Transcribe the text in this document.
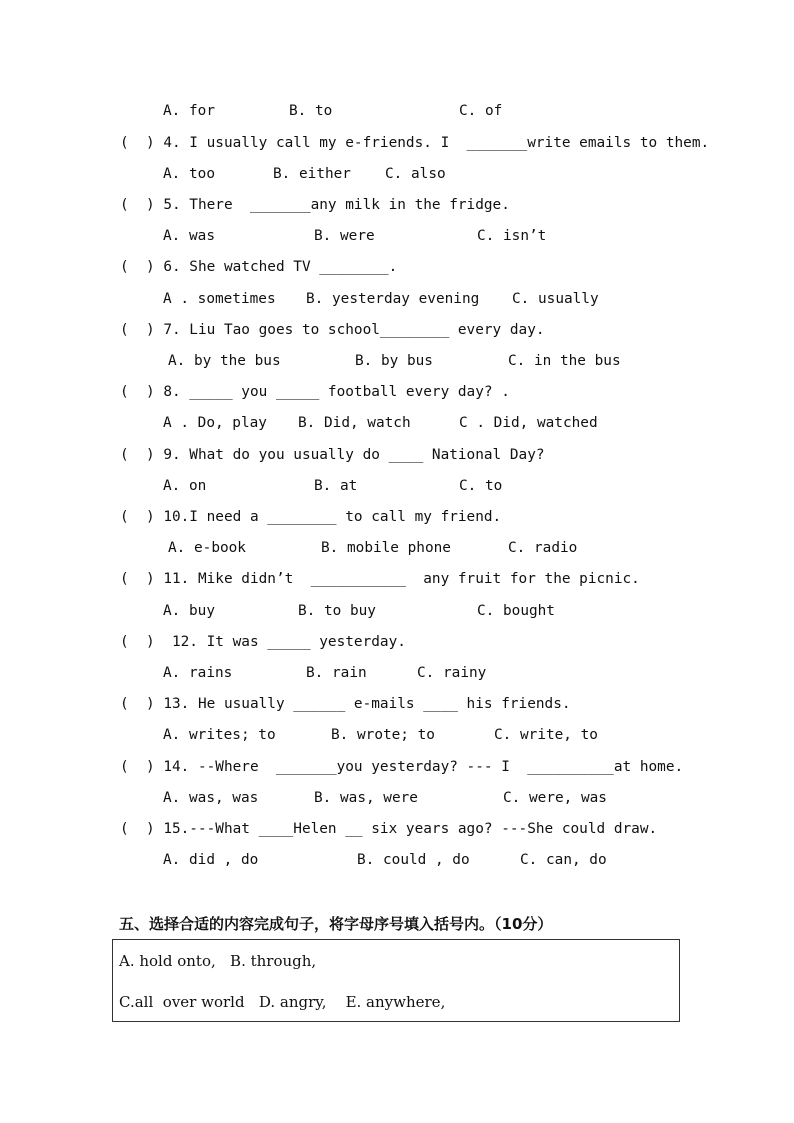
A. for

	B. to

	C. of

(  ) 4. I usually call my e-friends. I  _______write emails to them.

A. too

	B. either

C. also

(  ) 5. There  _______any milk in the fridge.

A. was

	B. were

	C. isn’t

(  ) 6. She watched TV ________.

A . sometimes

B. yesterday evening

C. usually

(  ) 7. Liu Tao goes to school________ every day.

A. by the bus

	B. by bus

	C. in the bus

(  ) 8. _____ you _____ football every day? .

A . Do, play

B. Did, watch

	C . Did, watched

(  ) 9. What do you usually do ____ National Day?

A. on

	B. at

	C. to

(  ) 10.I need a ________ to call my friend.

A. e-book

	B. mobile phone

	C. radio

(  ) 11. Mike didn’t  ___________  any fruit for the picnic.

A. buy

	B. to buy

	C. bought

(  )  12. It was _____ yesterday.

A. rains

	B. rain

	C. rainy

(  ) 13. He usually ______ e-mails ____ his friends.

A. writes; to

	B. wrote; to

	C. write, to

(  ) 14. --Where  _______you yesterday? --- I  __________at home.

A. was, was

	B. was, were

	C. were, was

(  ) 15.---What ____Helen __ six years ago? ---She could draw.

A. did , do

	B. could , do

	C. can, do

五、选择合适的内容完成句子，将字母序号填入括号内。（10分）
A. hold onto,   B. through,
C.all  over world   D. angry,    E. anywhere,
